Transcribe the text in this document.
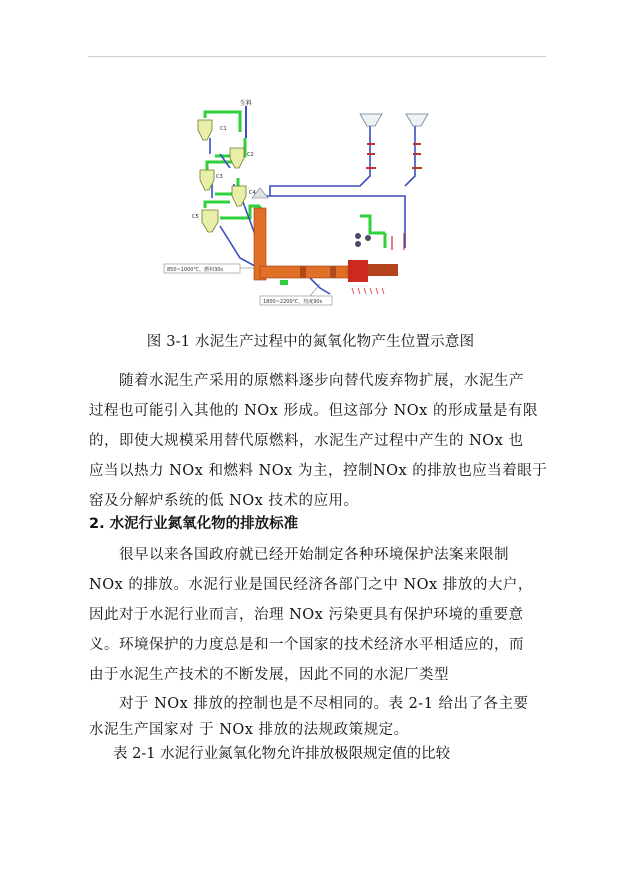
生料
C1
C2
C3
C4
C5
850~1000℃，燃料30s
1800~2200℃，热度90s
图 3-1 水泥生产过程中的氮氧化物产生位置示意图
随着水泥生产采用的原燃料逐步向替代废弃物扩展，水泥生产
过程也可能引入其他的 NOx 形成。但这部分 NOx 的形成量是有限
的，即使大规模采用替代原燃料，水泥生产过程中产生的 NOx 也
应当以热力 NOx 和燃料 NOx 为主，控制NOx 的排放也应当着眼于
窑及分解炉系统的低 NOx 技术的应用。
2. 水泥行业氮氧化物的排放标准
很早以来各国政府就已经开始制定各种环境保护法案来限制
NOx 的排放。水泥行业是国民经济各部门之中 NOx 排放的大户，
因此对于水泥行业而言，治理 NOx 污染更具有保护环境的重要意
义。环境保护的力度总是和一个国家的技术经济水平相适应的，而
由于水泥生产技术的不断发展，因此不同的水泥厂类型
对于 NOx 排放的控制也是不尽相同的。表 2-1 给出了各主要
水泥生产国家对 于 NOx 排放的法规政策规定。
表 2-1 水泥行业氮氧化物允许排放极限规定值的比较
